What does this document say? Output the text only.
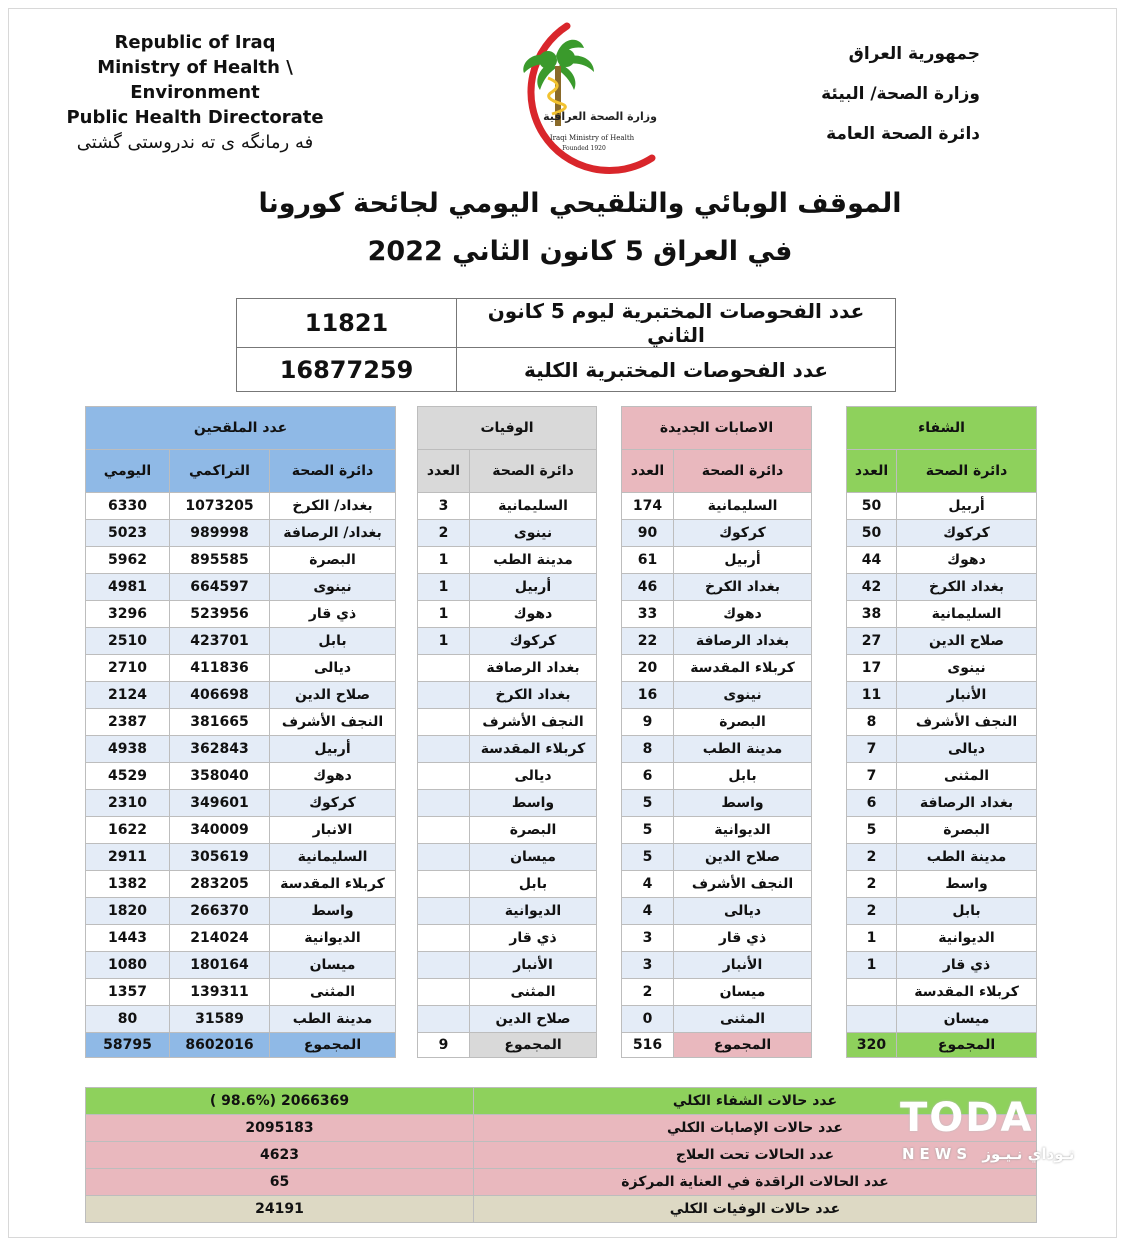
Republic of Iraq
Ministry of Health \ Environment
Public Health Directorate
فه رمانگه ی ته ندروستی گشتی
جمهورية العراق
وزارة الصحة/ البيئة
دائرة الصحة العامة
وزارة الصحة العراقية
Iraqi Ministry of Health
Founded 1920
الموقف الوبائي والتلقيحي اليومي لجائحة كورونا
في العراق 5 كانون الثاني 2022
11821	عدد الفحوصات المختبرية ليوم 5 كانون الثاني
16877259	عدد الفحوصات المختبرية الكلية
عدد الملقحين				الوفيات			الاصابات الجديدة			الشفاء	
اليومي	التراكمي	دائرة الصحة		العدد	دائرة الصحة		العدد	دائرة الصحة		العدد	دائرة الصحة
6330	1073205	بغداد/ الكرخ		3	السليمانية		174	السليمانية		50	أربيل
5023	989998	بغداد/ الرصافة		2	نينوى		90	كركوك		50	كركوك
5962	895585	البصرة		1	مدينة الطب		61	أربيل		44	دهوك
4981	664597	نينوى		1	أربيل		46	بغداد الكرخ		42	بغداد الكرخ
3296	523956	ذي قار		1	دهوك		33	دهوك		38	السليمانية
2510	423701	بابل		1	كركوك		22	بغداد الرصافة		27	صلاح الدين
2710	411836	ديالى			بغداد الرصافة		20	كربلاء المقدسة		17	نينوى
2124	406698	صلاح الدين			بغداد الكرخ		16	نينوى		11	الأنبار
2387	381665	النجف الأشرف			النجف الأشرف		9	البصرة		8	النجف الأشرف
4938	362843	أربيل			كربلاء المقدسة		8	مدينة الطب		7	ديالى
4529	358040	دهوك			ديالى		6	بابل		7	المثنى
2310	349601	كركوك			واسط		5	واسط		6	بغداد الرصافة
1622	340009	الانبار			البصرة		5	الديوانية		5	البصرة
2911	305619	السليمانية			ميسان		5	صلاح الدين		2	مدينة الطب
1382	283205	كربلاء المقدسة			بابل		4	النجف الأشرف		2	واسط
1820	266370	واسط			الديوانية		4	ديالى		2	بابل
1443	214024	الديوانية			ذي قار		3	ذي قار		1	الديوانية
1080	180164	ميسان			الأنبار		3	الأنبار		1	ذي قار
1357	139311	المثنى			المثنى		2	ميسان			كربلاء المقدسة
80	31589	مدينة الطب			صلاح الدين		0	المثنى			ميسان
58795	8602016	المجموع		9	المجموع		516	المجموع		320	المجموع
( 98.6%) 2066369	عدد حالات الشفاء الكلي
2095183	عدد حالات الإصابات الكلي
4623	عدد الحالات تحت العلاج
65	عدد الحالات الراقدة في العناية المركزة
24191	عدد حالات الوفيات الكلي
TODA
NEWS تـوداي نـيـوز
